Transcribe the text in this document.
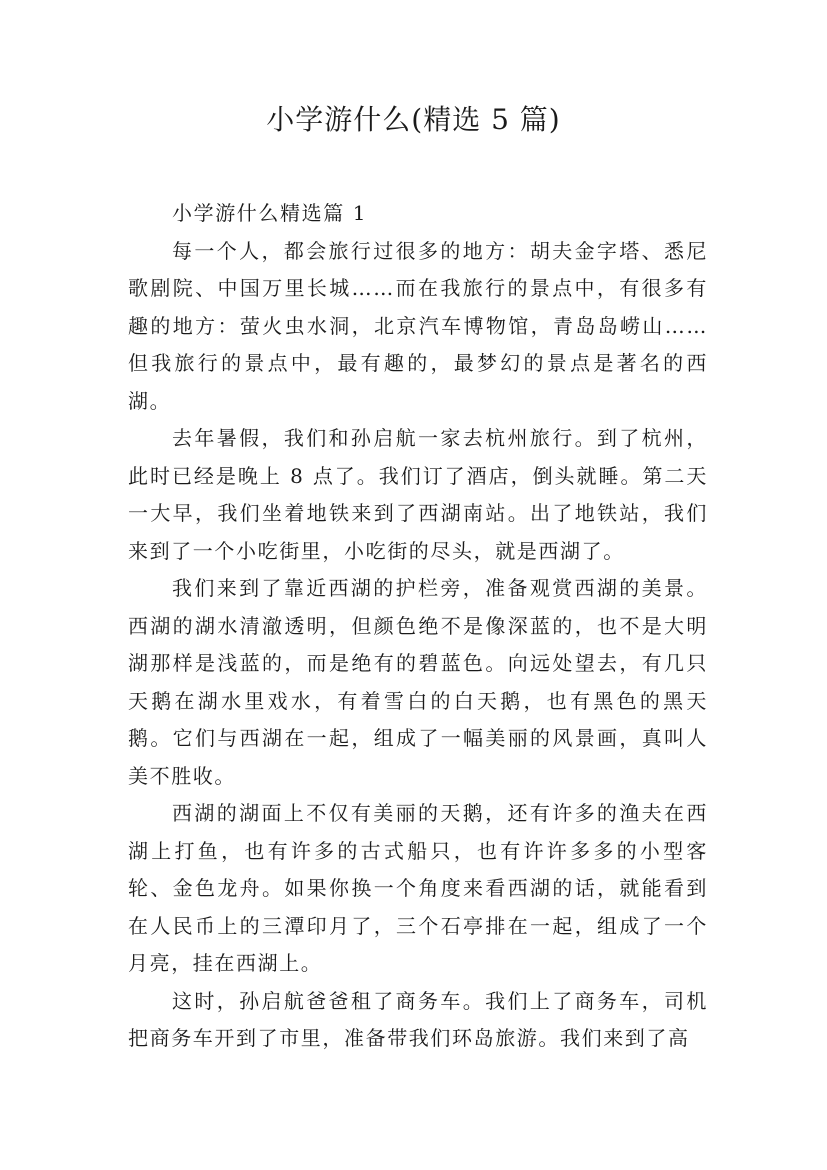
小学游什么(精选 5 篇)

小学游什么精选篇 1

每一个人，都会旅行过很多的地方：胡夫金字塔、悉尼歌剧院、中国万里长城……而在我旅行的景点中，有很多有趣的地方：萤火虫水洞，北京汽车博物馆，青岛岛崂山……但我旅行的景点中，最有趣的，最梦幻的景点是著名的西湖。

去年暑假，我们和孙启航一家去杭州旅行。到了杭州，此时已经是晚上 8 点了。我们订了酒店，倒头就睡。第二天一大早，我们坐着地铁来到了西湖南站。出了地铁站，我们来到了一个小吃街里，小吃街的尽头，就是西湖了。

我们来到了靠近西湖的护栏旁，准备观赏西湖的美景。西湖的湖水清澈透明，但颜色绝不是像深蓝的，也不是大明湖那样是浅蓝的，而是绝有的碧蓝色。向远处望去，有几只天鹅在湖水里戏水，有着雪白的白天鹅，也有黑色的黑天鹅。它们与西湖在一起，组成了一幅美丽的风景画，真叫人美不胜收。

西湖的湖面上不仅有美丽的天鹅，还有许多的渔夫在西湖上打鱼，也有许多的古式船只，也有许许多多的小型客轮、金色龙舟。如果你换一个角度来看西湖的话，就能看到在人民币上的三潭印月了，三个石亭排在一起，组成了一个月亮，挂在西湖上。

这时，孙启航爸爸租了商务车。我们上了商务车，司机把商务车开到了市里，准备带我们环岛旅游。我们来到了高
